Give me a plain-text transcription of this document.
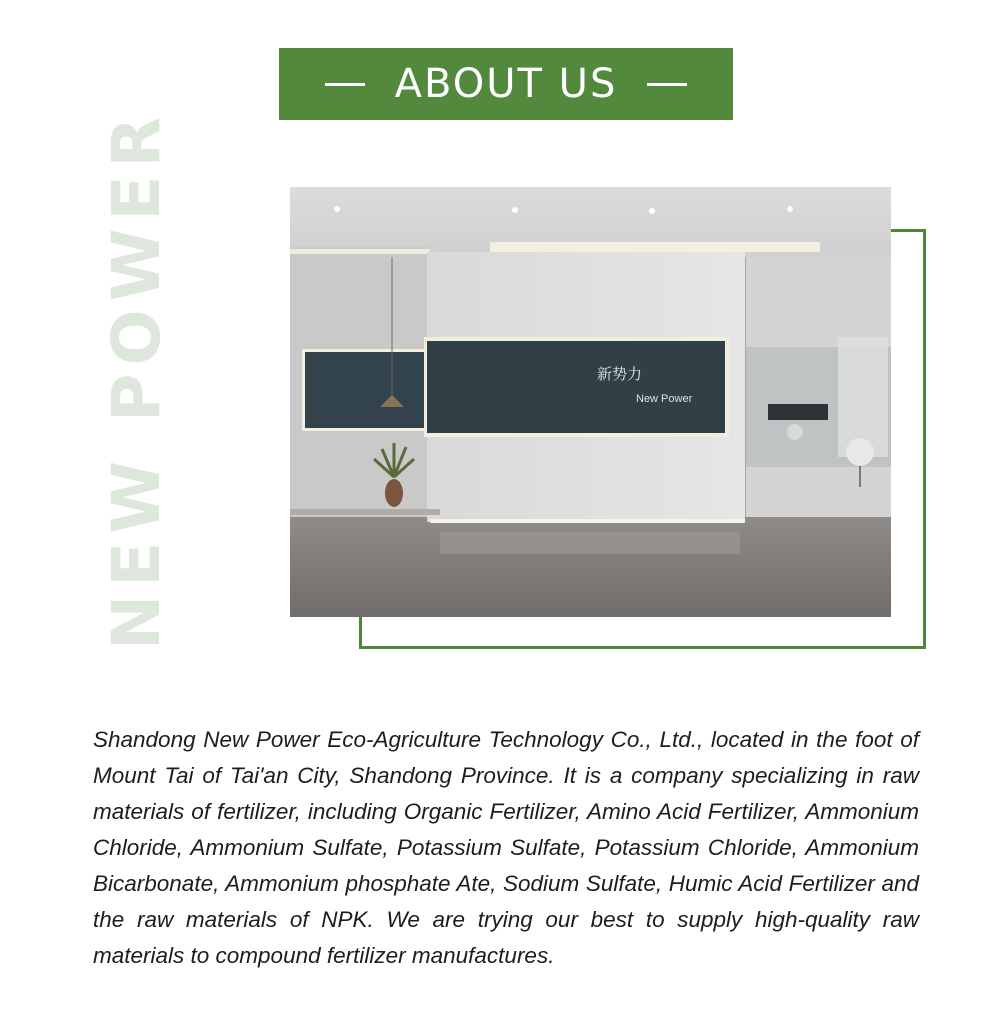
ABOUT US
NEW POWER	新势力
New Power

Shandong New Power Eco-Agriculture Technology Co., Ltd., located in the foot of Mount Tai of Tai'an City, Shandong Province. It is a company specializing in raw materials of fertilizer, including Organic Fertilizer, Amino Acid Fertilizer, Ammonium Chloride, Ammonium Sulfate, Potassium Sulfate, Potassium Chloride, Ammonium Bicarbonate, Ammonium phosphate Ate, Sodium Sulfate, Humic Acid Fertilizer and the raw materials of NPK. We are trying our best to supply high-quality raw materials to compound fertilizer manufactures.
